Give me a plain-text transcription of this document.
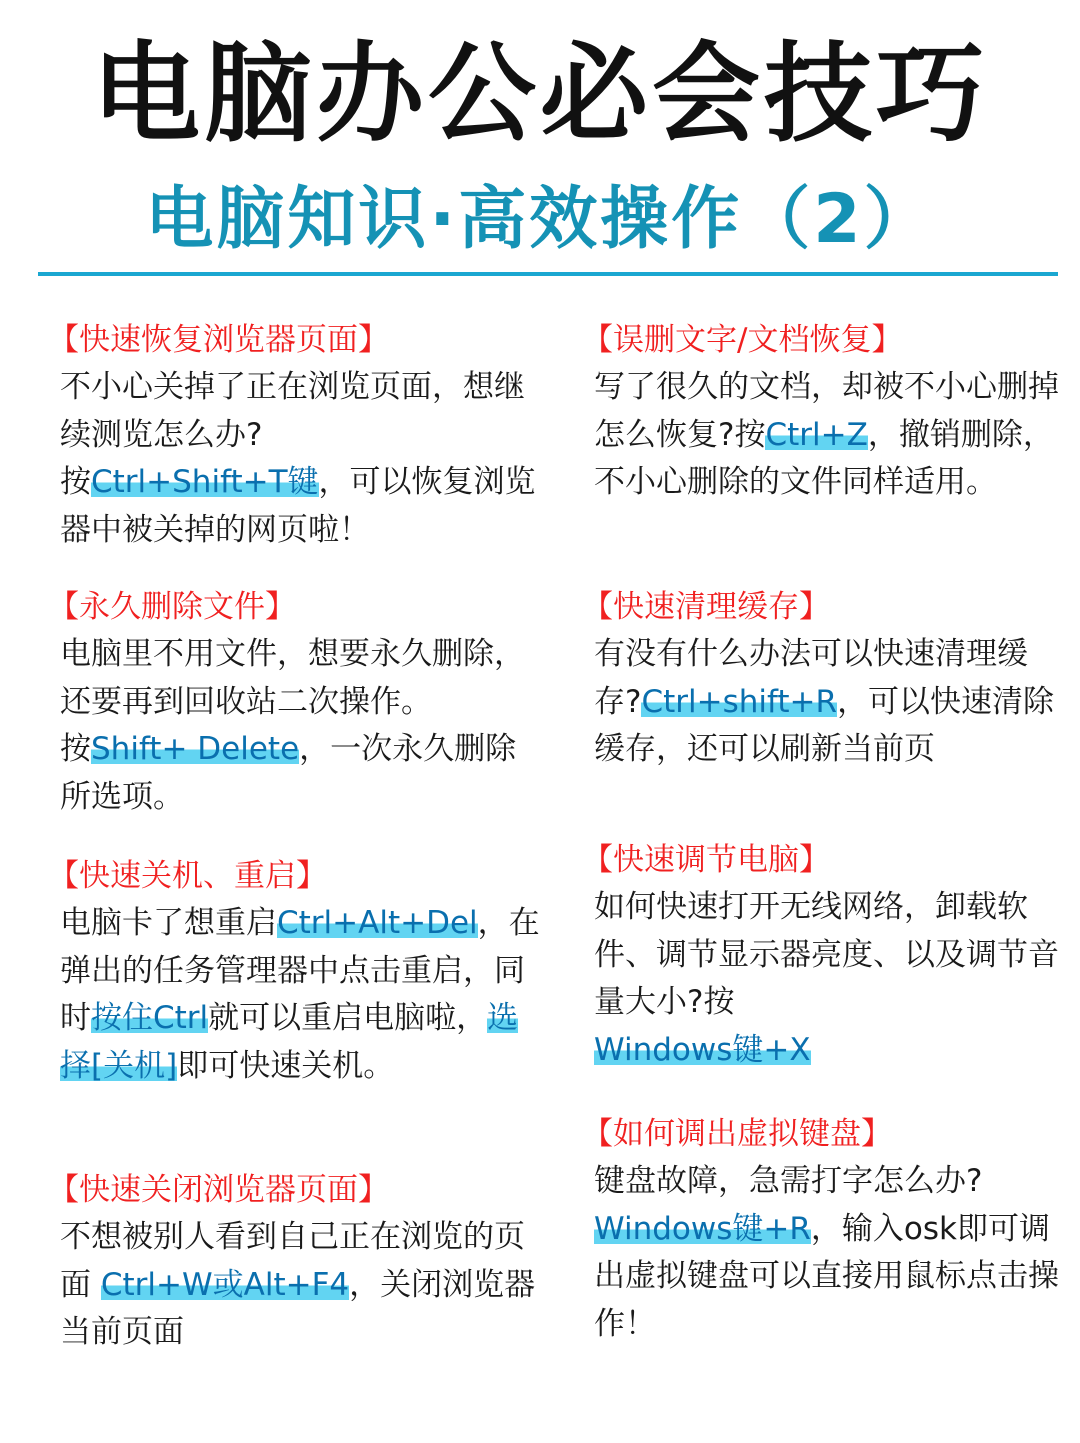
电脑办公必会技巧
电脑知识·高效操作（2）
【快速恢复浏览器页面】

不小心关掉了正在浏览页面，想继续测览怎么办?
按Ctrl+Shift+T键，可以恢复浏览器中被关掉的网页啦！

【永久删除文件】

电脑里不用文件，想要永久删除，还要再到回收站二次操作。
按Shift+ Delete，一次永久删除所选项。

【快速关机、重启】

电脑卡了想重启Ctrl+Alt+Del，在弹出的任务管理器中点击重启，同时按住Ctrl就可以重启电脑啦，选择[关机]即可快速关机。

【快速关闭浏览器页面】

不想被别人看到自己正在浏览的页面 Ctrl+W或Alt+F4，关闭浏览器当前页面

【误删文字/文档恢复】

写了很久的文档，却被不小心删掉怎么恢复?按Ctrl+Z，撤销删除，不小心删除的文件同样适用。

【快速清理缓存】

有没有什么办法可以快速清理缓存?Ctrl+shift+R，可以快速清除缓存，还可以刷新当前页

【快速调节电脑】

如何快速打开无线网络，卸载软件、调节显示器亮度、以及调节音量大小?按
Windows键+X

【如何调出虚拟键盘】

键盘故障，急需打字怎么办?
Windows键+R，输入osk即可调出虚拟键盘可以直接用鼠标点击操作！
